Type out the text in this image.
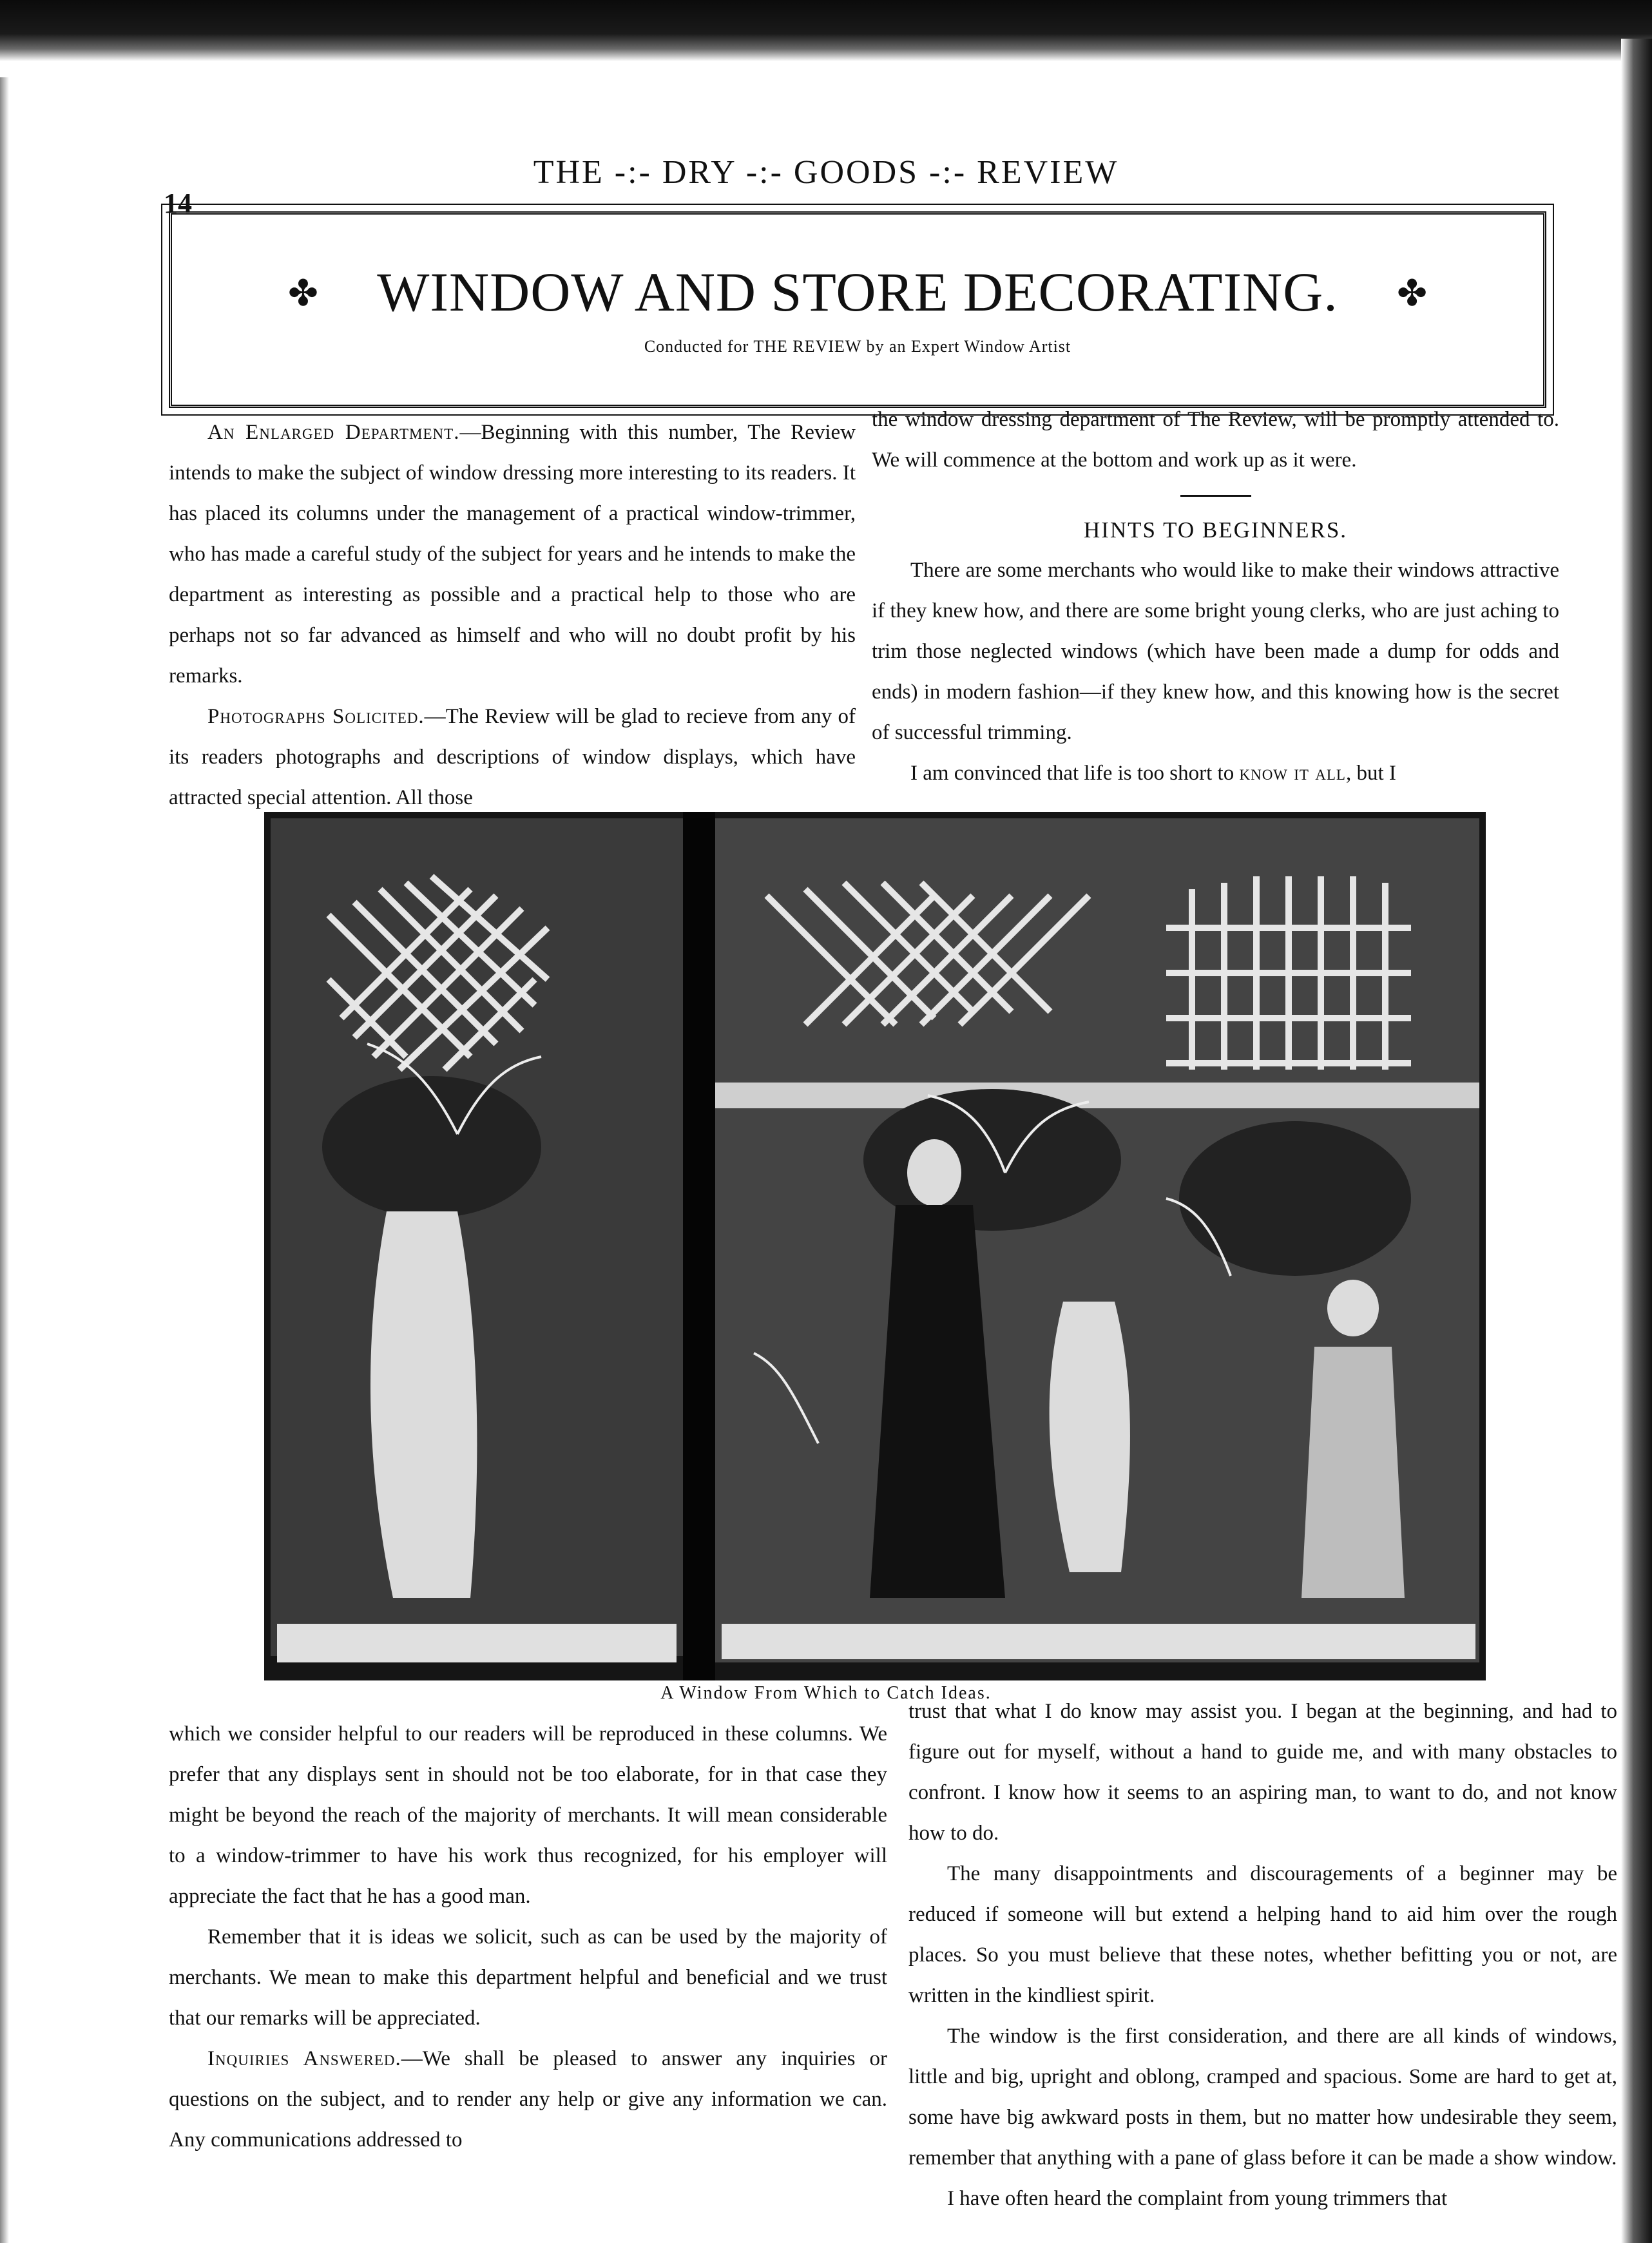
14
THE -:- DRY -:- GOODS -:- REVIEW
✤	WINDOW AND STORE DECORATING.	✤
Conducted for THE REVIEW by an Expert Window Artist

An Enlarged Department.—Beginning with this number, The Review intends to make the subject of window dressing more interesting to its readers. It has placed its columns under the management of a practical window-trimmer, who has made a careful study of the subject for years and he intends to make the department as interesting as possible and a practical help to those who are perhaps not so far advanced as himself and who will no doubt profit by his remarks.

Photographs Solicited.—The Review will be glad to recieve from any of its readers photographs and descriptions of window displays, which have attracted special attention. All those

the window dressing department of The Review, will be promptly attended to. We will commence at the bottom and work up as it were.

HINTS TO BEGINNERS.

There are some merchants who would like to make their windows attractive if they knew how, and there are some bright young clerks, who are just aching to trim those neglected windows (which have been made a dump for odds and ends) in modern fashion—if they knew how, and this knowing how is the secret of successful trimming.

I am convinced that life is too short to know it all, but I

A Window From Which to Catch Ideas.

which we consider helpful to our readers will be reproduced in these columns. We prefer that any displays sent in should not be too elaborate, for in that case they might be beyond the reach of the majority of merchants. It will mean considerable to a window-trimmer to have his work thus recognized, for his employer will appreciate the fact that he has a good man.

Remember that it is ideas we solicit, such as can be used by the majority of merchants. We mean to make this department helpful and beneficial and we trust that our remarks will be appreciated.

Inquiries Answered.—We shall be pleased to answer any inquiries or questions on the subject, and to render any help or give any information we can. Any communications addressed to

trust that what I do know may assist you. I began at the beginning, and had to figure out for myself, without a hand to guide me, and with many obstacles to confront. I know how it seems to an aspiring man, to want to do, and not know how to do.

The many disappointments and discouragements of a beginner may be reduced if someone will but extend a helping hand to aid him over the rough places. So you must believe that these notes, whether befitting you or not, are written in the kindliest spirit.

The window is the first consideration, and there are all kinds of windows, little and big, upright and oblong, cramped and spacious. Some are hard to get at, some have big awkward posts in them, but no matter how undesirable they seem, remember that anything with a pane of glass before it can be made a show window.

I have often heard the complaint from young trimmers that
